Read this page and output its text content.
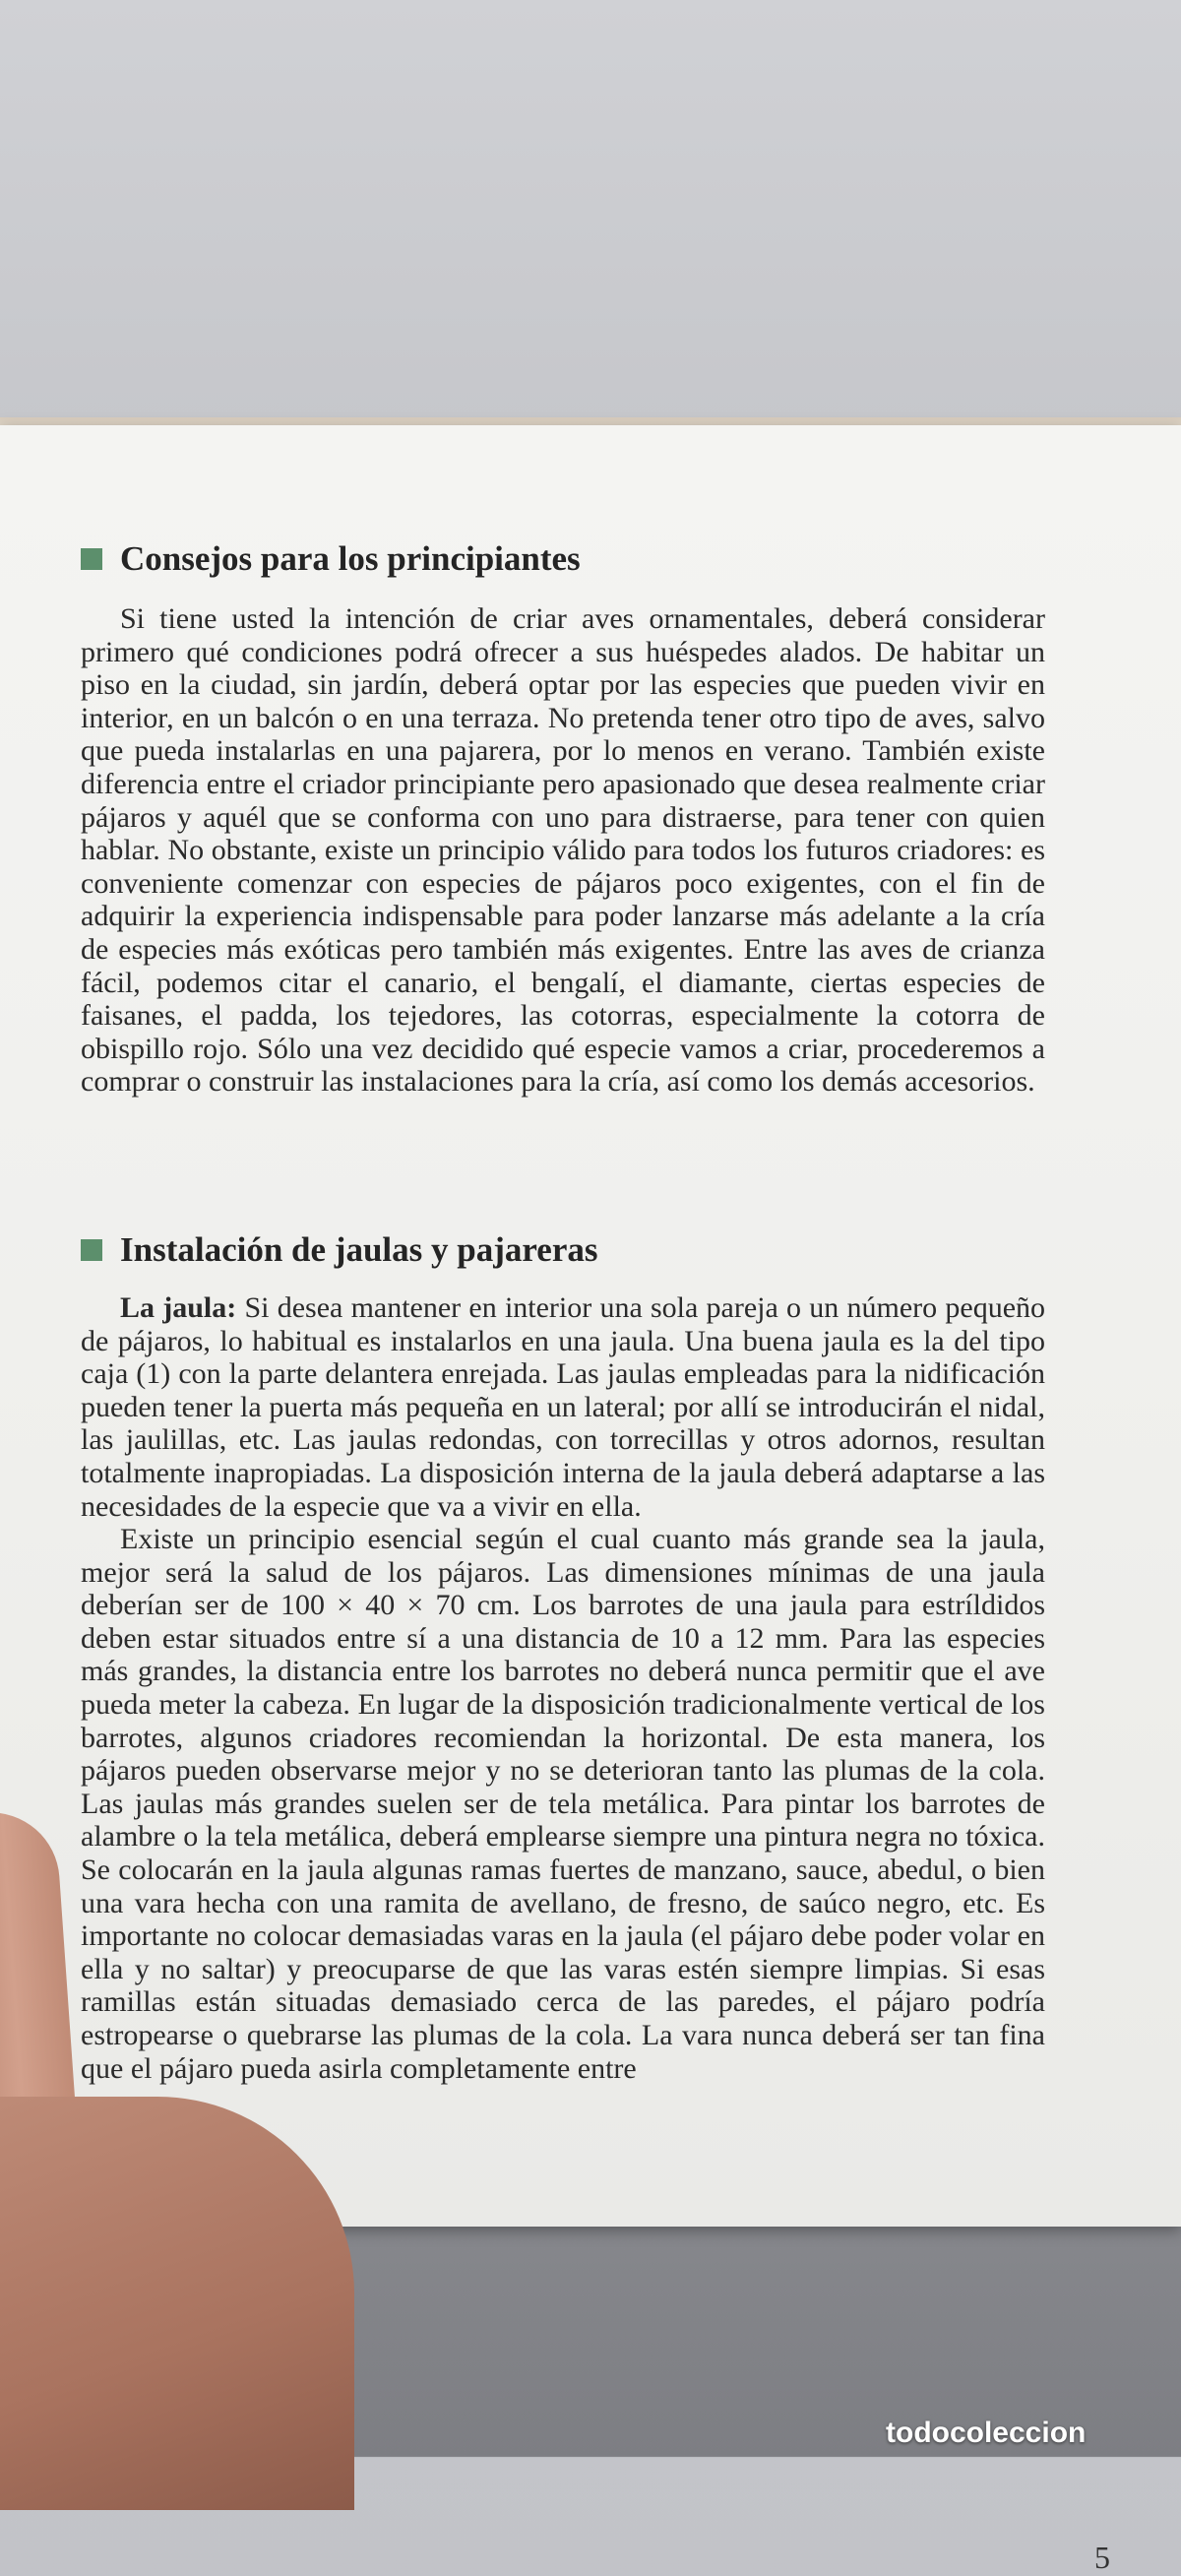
Consejos para los principiantes

Si tiene usted la intención de criar aves ornamentales, deberá considerar primero qué condiciones podrá ofrecer a sus huéspedes alados. De habitar un piso en la ciudad, sin jardín, deberá optar por las especies que pueden vivir en interior, en un balcón o en una terraza. No pretenda tener otro tipo de aves, salvo que pueda instalarlas en una pajarera, por lo menos en verano. También existe diferencia entre el criador principiante pero apasionado que desea realmente criar pájaros y aquél que se conforma con uno para distraerse, para tener con quien hablar. No obstante, existe un principio válido para todos los futuros criadores: es conveniente comenzar con especies de pájaros poco exigentes, con el fin de adquirir la experiencia indispensable para poder lanzarse más adelante a la cría de especies más exóticas pero también más exigentes. Entre las aves de crianza fácil, podemos citar el canario, el bengalí, el diamante, ciertas especies de faisanes, el padda, los tejedores, las cotorras, especialmente la cotorra de obispillo rojo. Sólo una vez decidido qué especie vamos a criar, procederemos a comprar o construir las instalaciones para la cría, así como los demás accesorios.

Instalación de jaulas y pajareras

La jaula: Si desea mantener en interior una sola pareja o un número pequeño de pájaros, lo habitual es instalarlos en una jaula. Una buena jaula es la del tipo caja (1) con la parte delantera enrejada. Las jaulas empleadas para la nidificación pueden tener la puerta más pequeña en un lateral; por allí se introducirán el nidal, las jaulillas, etc. Las jaulas redondas, con torrecillas y otros adornos, resultan totalmente inapropiadas. La disposición interna de la jaula deberá adaptarse a las necesidades de la especie que va a vivir en ella.

Existe un principio esencial según el cual cuanto más grande sea la jaula, mejor será la salud de los pájaros. Las dimensiones mínimas de una jaula deberían ser de 100 × 40 × 70 cm. Los barrotes de una jaula para estríldidos deben estar situados entre sí a una distancia de 10 a 12 mm. Para las especies más grandes, la distancia entre los barrotes no deberá nunca permitir que el ave pueda meter la cabeza. En lugar de la disposición tradicionalmente vertical de los barrotes, algunos criadores recomiendan la horizontal. De esta manera, los pájaros pueden observarse mejor y no se deterioran tanto las plumas de la cola. Las jaulas más grandes suelen ser de tela metálica. Para pintar los barrotes de alambre o la tela metálica, deberá emplearse siempre una pintura negra no tóxica. Se colocarán en la jaula algunas ramas fuertes de manzano, sauce, abedul, o bien una vara hecha con una ramita de avellano, de fresno, de saúco negro, etc. Es importante no colocar demasiadas varas en la jaula (el pájaro debe poder volar en ella y no saltar) y preocuparse de que las varas estén siempre limpias. Si esas ramillas están situadas demasiado cerca de las paredes, el pájaro podría estropearse o quebrarse las plumas de la cola. La vara nunca deberá ser tan fina que el pájaro pueda asirla completamente entre

5
todocoleccion
